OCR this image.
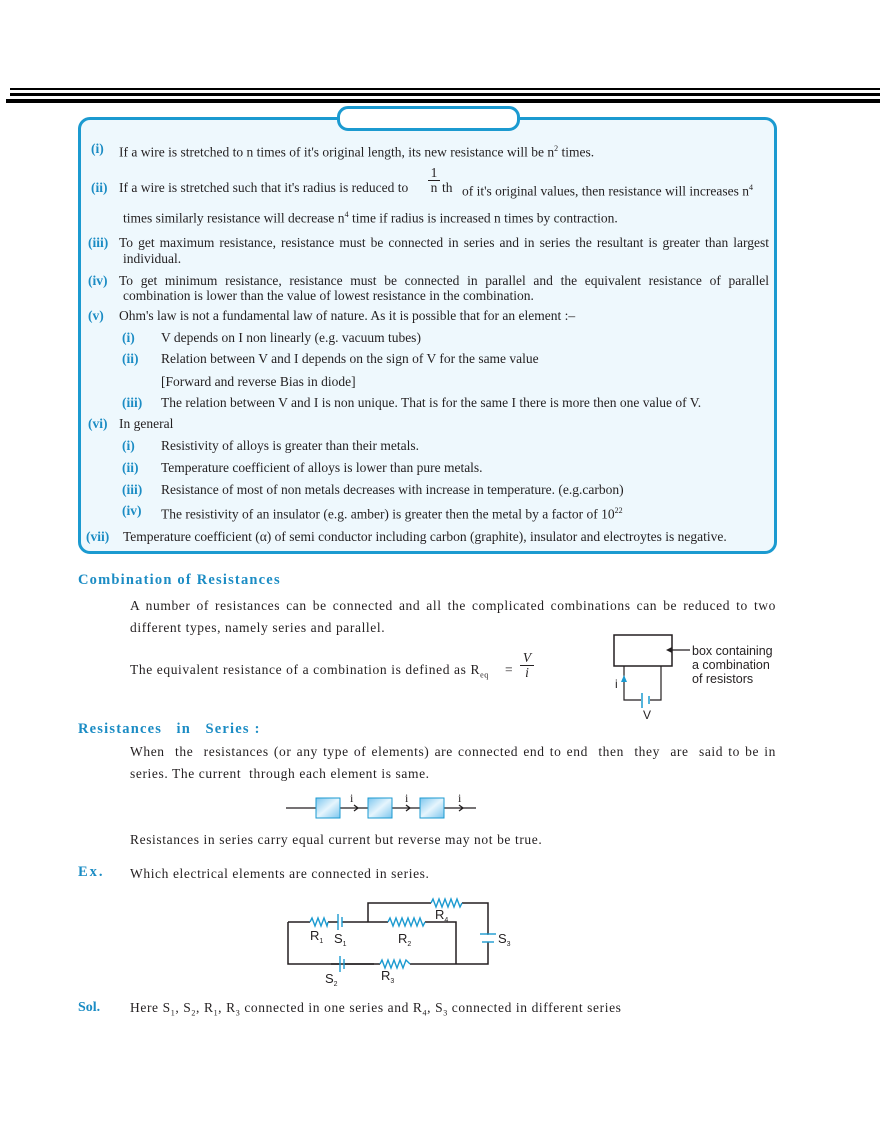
(i) If a wire is stretched to n times of it's original length, its new resistance will be $n^2$ times.
(ii) If a wire is stretched such that it's radius is reduced to $\frac{1}{n}$ th of it's original values, then resistance will increases $n^4$
times similarly resistance will decrease $n^4$ time if radius is increased n times by contraction.
(iii) To get maximum resistance, resistance must be connected in series and in series the resultant is greater than largest
individual.
(iv) To get minimum resistance, resistance must be connected in parallel and the equivalent resistance of parallel
combination is lower than the value of lowest resistance in the combination.
(v) Ohm's law is not a fundamental law of nature. As it is possible that for an element :–
(i) V depends on I non linearly (e.g. vacuum tubes)
(ii) Relation between V and I depends on the sign of V for the same value
[Forward and reverse Bias in diode]
(iii) The relation between V and I is non unique. That is for the same I there is more then one value of V.
(vi) In general
(i) Resistivity of alloys is greater than their metals.
(ii) Temperature coefficient of alloys is lower than pure metals.
(iii) Resistance of most of non metals decreases with increase in temperature. (e.g.carbon)
(iv) The resistivity of an insulator (e.g. amber) is greater then the metal by a factor of $10^{22}$
(vii) Temperature coefficient (α) of semi conductor including carbon (graphite), insulator and electroytes is negative.
Combination of Resistances
A number of resistances can be connected and all the complicated combinations can be reduced to two
different types, namely series and parallel.
The equivalent resistance of a combination is defined as $R_{eq} = \frac{V}{i}$	box containing
a combination
of resistors
i
V
Resistances   in   Series :
When  the  resistances (or any type of elements) are connected end to end  then  they  are  said to be in
series. The current  through each element is same.
i	i	i
Resistances in series carry equal current but reverse may not be true.
Ex. Which electrical elements are connected in series.
$R_1$ $S_1$	$R_2$
$R_4$
$S_3$
$S_2$
$R_3$
Sol. Here $S_1$, $S_2$, $R_1$, $R_3$ connected in one series and $R_4$, $S_3$ connected in different series
